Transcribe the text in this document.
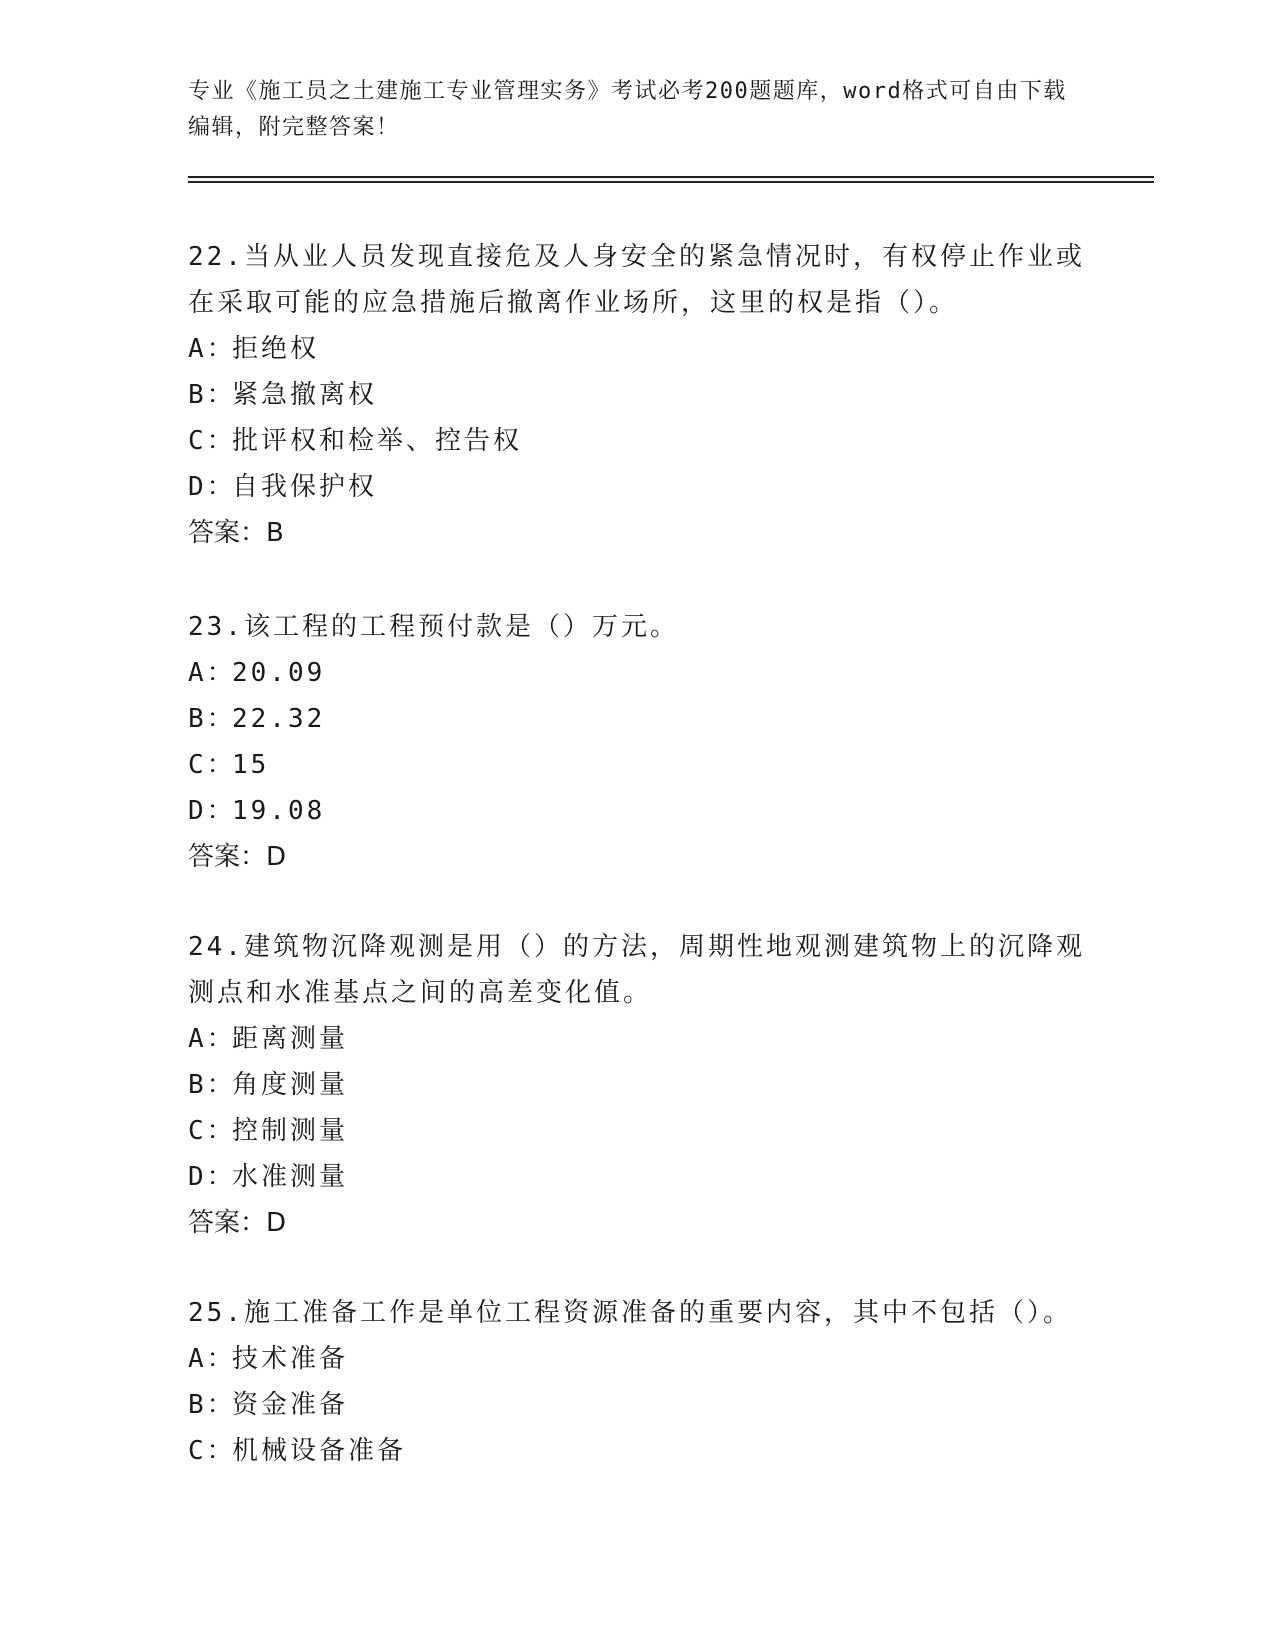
专业《施工员之土建施工专业管理实务》考试必考200题题库，word格式可自由下载编辑，附完整答案！

22.当从业人员发现直接危及人身安全的紧急情况时，有权停止作业或在采取可能的应急措施后撤离作业场所，这里的权是指（）。

A：拒绝权

B：紧急撤离权

C：批评权和检举、控告权

D：自我保护权

答案：B

23.该工程的工程预付款是（）万元。

A：20.09

B：22.32

C：15

D：19.08

答案：D

24.建筑物沉降观测是用（）的方法，周期性地观测建筑物上的沉降观测点和水准基点之间的高差变化值。

A：距离测量

B：角度测量

C：控制测量

D：水准测量

答案：D

25.施工准备工作是单位工程资源准备的重要内容，其中不包括（）。

A：技术准备

B：资金准备

C：机械设备准备
